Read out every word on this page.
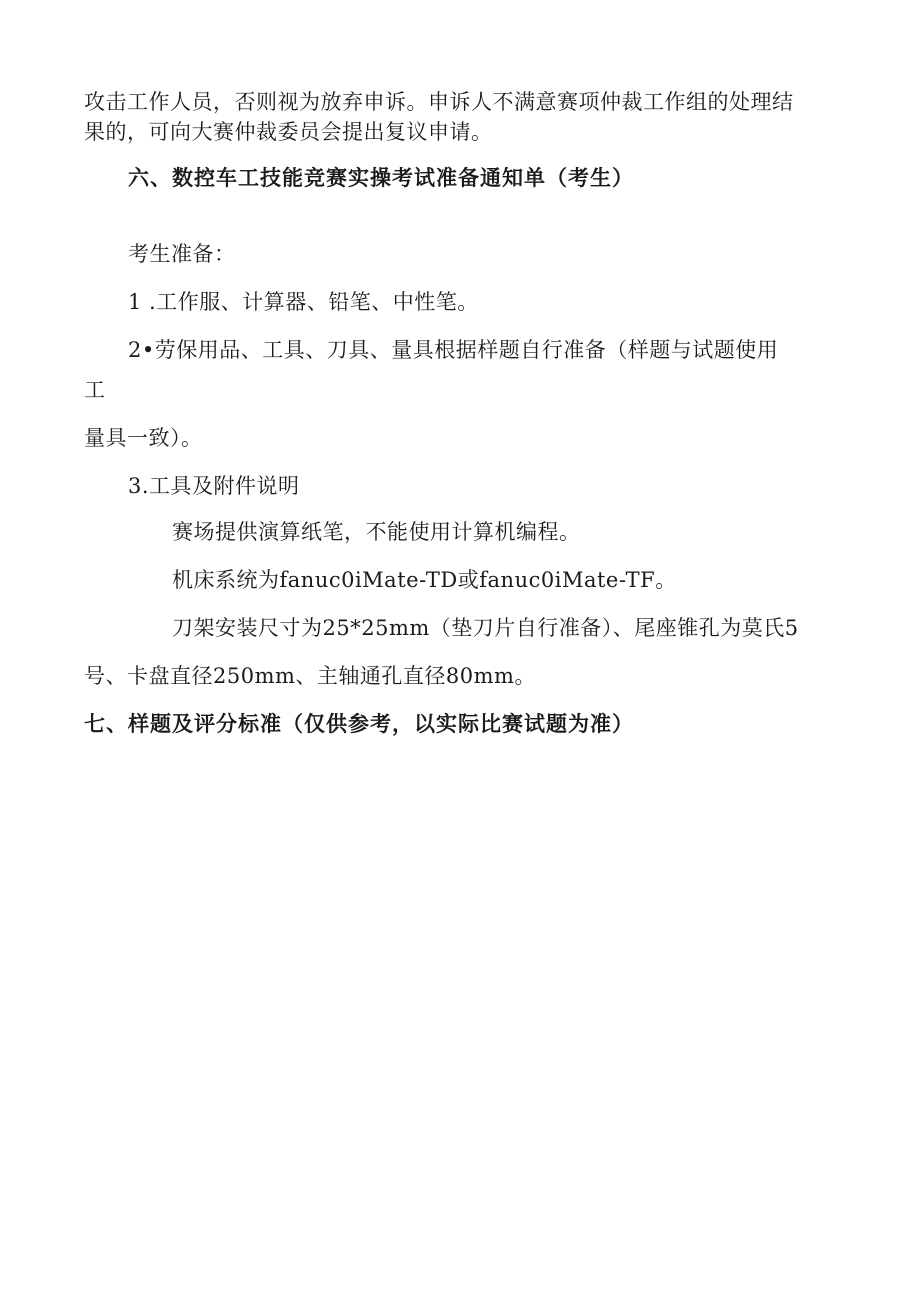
攻击工作人员，否则视为放弃申诉。申诉人不满意赛项仲裁工作组的处理结
果的，可向大赛仲裁委员会提出复议申请。
六、数控车工技能竞赛实操考试准备通知单（考生）
考生准备：
1 .工作服、计算器、铅笔、中性笔。
2•劳保用品、工具、刀具、量具根据样题自行准备（样题与试题使用
工
量具一致）。
3.工具及附件说明
赛场提供演算纸笔，不能使用计算机编程。
机床系统为fanuc0iMate-TD或fanuc0iMate-TF。
刀架安装尺寸为25*25mm（垫刀片自行准备）、尾座锥孔为莫氏5
号、卡盘直径250mm、主轴通孔直径80mm。
七、样题及评分标准（仅供参考，以实际比赛试题为准）
